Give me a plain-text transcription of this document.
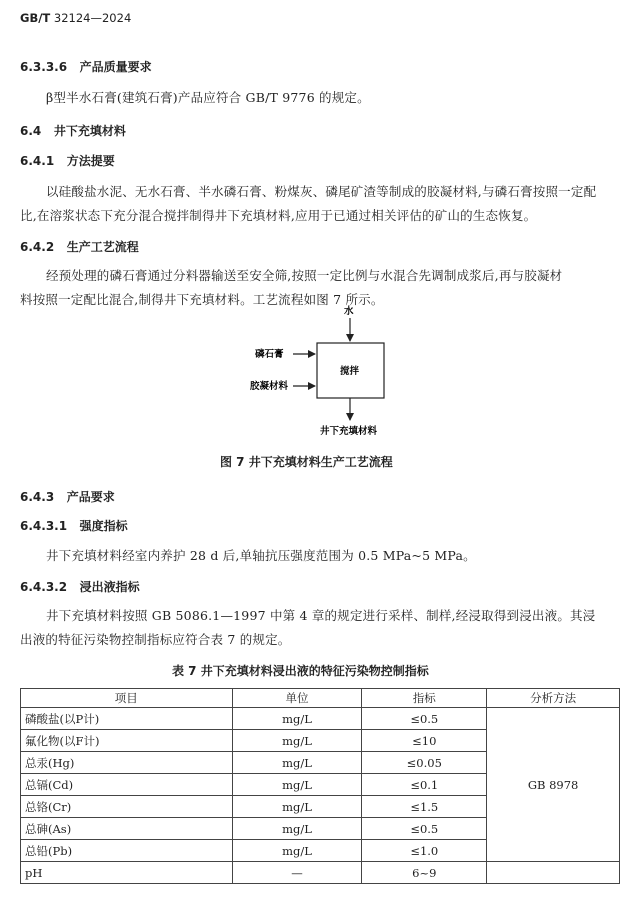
GB/T 32124—2024
6.3.3.6 产品质量要求
β型半水石膏(建筑石膏)产品应符合 GB/T 9776 的规定。
6.4 井下充填材料
6.4.1 方法提要
以硅酸盐水泥、无水石膏、半水磷石膏、粉煤灰、磷尾矿渣等制成的胶凝材料,与磷石膏按照一定配
比,在溶浆状态下充分混合搅拌制得井下充填材料,应用于已通过相关评估的矿山的生态恢复。
6.4.2 生产工艺流程
经预处理的磷石膏通过分料器输送至安全筛,按照一定比例与水混合先调制成浆后,再与胶凝材
料按照一定配比混合,制得井下充填材料。工艺流程如图 7 所示。
水
磷石膏
胶凝材料
搅拌
井下充填材料
图 7 井下充填材料生产工艺流程
6.4.3 产品要求
6.4.3.1 强度指标
井下充填材料经室内养护 28 d 后,单轴抗压强度范围为 0.5 MPa~5 MPa。
6.4.3.2 浸出液指标
井下充填材料按照 GB 5086.1—1997 中第 4 章的规定进行采样、制样,经浸取得到浸出液。其浸
出液的特征污染物控制指标应符合表 7 的规定。
表 7 井下充填材料浸出液的特征污染物控制指标
项目	单位	指标	分析方法
磷酸盐(以P计)	mg/L	≤0.5	GB 8978
氟化物(以F计)	mg/L	≤10	
总汞(Hg)	mg/L	≤0.05	
总镉(Cd)	mg/L	≤0.1	
总铬(Cr)	mg/L	≤1.5	
总砷(As)	mg/L	≤0.5	
总铅(Pb)	mg/L	≤1.0	
pH	—	6~9	
